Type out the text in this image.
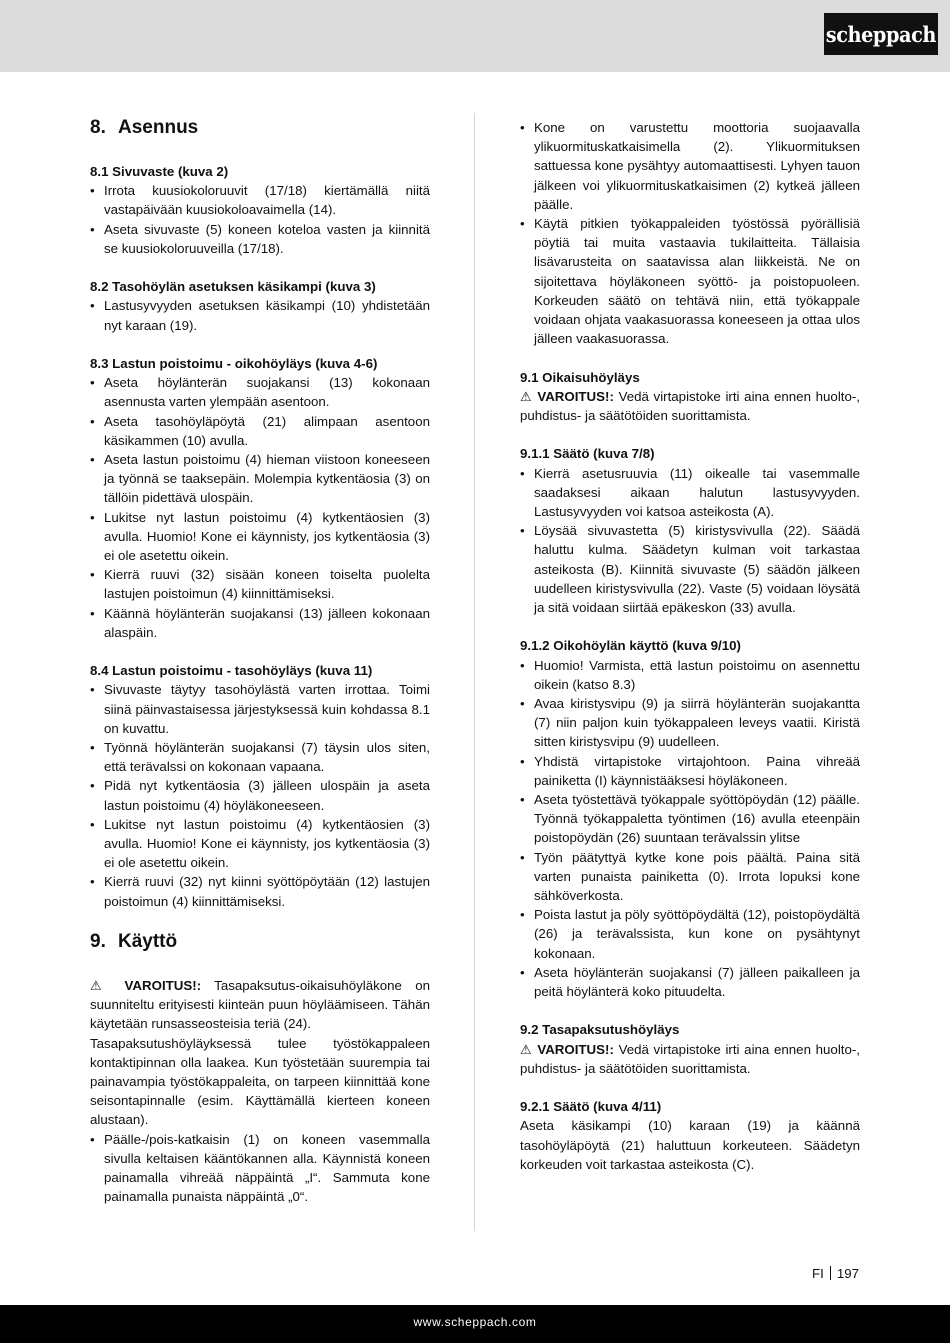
scheppach
8. Asennus
8.1 Sivuvaste (kuva 2)
• Irrota kuusiokoloruuvit (17/18) kiertämällä niitä vastapäivään kuusiokoloavaimella (14).
• Aseta sivuvaste (5) koneen koteloa vasten ja kiinnitä se kuusiokoloruuveilla (17/18).
8.2 Tasohöylän asetuksen käsikampi (kuva 3)
• Lastusyvyyden asetuksen käsikampi (10) yhdistetään nyt karaan (19).
8.3 Lastun poistoimu - oikohöyläys (kuva 4-6)
• Aseta höylänterän suojakansi (13) kokonaan asennusta varten ylempään asentoon.
• Aseta tasohöyläpöytä (21) alimpaan asentoon käsikammen (10) avulla.
• Aseta lastun poistoimu (4) hieman viistoon koneeseen ja työnnä se taaksepäin. Molempia kytkentäosia (3) on tällöin pidettävä ulospäin.
• Lukitse nyt lastun poistoimu (4) kytkentäosien (3) avulla. Huomio! Kone ei käynnisty, jos kytkentäosia (3) ei ole asetettu oikein.
• Kierrä ruuvi (32) sisään koneen toiselta puolelta lastujen poistoimun (4) kiinnittämiseksi.
• Käännä höylänterän suojakansi (13) jälleen kokonaan alaspäin.
8.4 Lastun poistoimu - tasohöyläys (kuva 11)
• Sivuvaste täytyy tasohöylästä varten irrottaa. Toimi siinä päinvastaisessa järjestyksessä kuin kohdassa 8.1 on kuvattu.
• Työnnä höylänterän suojakansi (7) täysin ulos siten, että terävalssi on kokonaan vapaana.
• Pidä nyt kytkentäosia (3) jälleen ulospäin ja aseta lastun poistoimu (4) höyläkoneeseen.
• Lukitse nyt lastun poistoimu (4) kytkentäosien (3) avulla. Huomio! Kone ei käynnisty, jos kytkentäosia (3) ei ole asetettu oikein.
• Kierrä ruuvi (32) nyt kiinni syöttöpöytään (12) lastujen poistoimun (4) kiinnittämiseksi.
9. Käyttö

⚠ VAROITUS!: Tasapaksutus-oikaisuhöyläkone on suunniteltu erityisesti kiinteän puun höyläämiseen. Tähän käytetään runsasseosteisia teriä (24).

Tasapaksutushöyläyksessä tulee työstökappaleen kontaktipinnan olla laakea. Kun työstetään suurempia tai painavampia työstökappaleita, on tarpeen kiinnittää kone seisontapinnalle (esim. Käyttämällä kierteen koneen alustaan).

• Päälle-/pois-katkaisin (1) on koneen vasemmalla sivulla keltaisen kääntökannen alla. Käynnistä koneen painamalla vihreää näppäintä „I“. Sammuta kone painamalla punaista näppäintä „0“.
• Kone on varustettu moottoria suojaavalla ylikuormituskatkaisimella (2). Ylikuormituksen sattuessa kone pysähtyy automaattisesti. Lyhyen tauon jälkeen voi ylikuormituskatkaisimen (2) kytkeä jälleen päälle.
• Käytä pitkien työkappaleiden työstössä pyörällisiä pöytiä tai muita vastaavia tukilaitteita. Tällaisia lisävarusteita on saatavissa alan liikkeistä. Ne on sijoitettava höyläkoneen syöttö- ja poistopuoleen. Korkeuden säätö on tehtävä niin, että työkappale voidaan ohjata vaakasuorassa koneeseen ja ottaa ulos jälleen vaakasuorassa.
9.1 Oikaisuhöyläys

⚠ VAROITUS!: Vedä virtapistoke irti aina ennen huolto-, puhdistus- ja säätötöiden suorittamista.

9.1.1 Säätö (kuva 7/8)
• Kierrä asetusruuvia (11) oikealle tai vasemmalle saadaksesi aikaan halutun lastusyvyyden. Lastusyvyyden voi katsoa asteikosta (A).
• Löysää sivuvastetta (5) kiristysvivulla (22). Säädä haluttu kulma. Säädetyn kulman voit tarkastaa asteikosta (B). Kiinnitä sivuvaste (5) säädön jälkeen uudelleen kiristysvivulla (22). Vaste (5) voidaan löysätä ja sitä voidaan siirtää epäkeskon (33) avulla.
9.1.2 Oikohöylän käyttö (kuva 9/10)
• Huomio! Varmista, että lastun poistoimu on asennettu oikein (katso 8.3)
• Avaa kiristysvipu (9) ja siirrä höylänterän suojakantta (7) niin paljon kuin työkappaleen leveys vaatii. Kiristä sitten kiristysvipu (9) uudelleen.
• Yhdistä virtapistoke virtajohtoon. Paina vihreää painiketta (I) käynnistääksesi höyläkoneen.
• Aseta työstettävä työkappale syöttöpöydän (12) päälle. Työnnä työkappaletta työntimen (16) avulla eteenpäin poistopöydän (26) suuntaan terävalssin ylitse
• Työn päätyttyä kytke kone pois päältä. Paina sitä varten punaista painiketta (0). Irrota lopuksi kone sähköverkosta.
• Poista lastut ja pöly syöttöpöydältä (12), poistopöydältä (26) ja terävalssista, kun kone on pysähtynyt kokonaan.
• Aseta höylänterän suojakansi (7) jälleen paikalleen ja peitä höylänterä koko pituudelta.
9.2 Tasapaksutushöyläys

⚠ VAROITUS!: Vedä virtapistoke irti aina ennen huolto-, puhdistus- ja säätötöiden suorittamista.

9.2.1 Säätö (kuva 4/11)

Aseta käsikampi (10) karaan (19) ja käännä tasohöyläpöytä (21) haluttuun korkeuteen. Säädetyn korkeuden voit tarkastaa asteikosta (C).

FI 197
www.scheppach.com
